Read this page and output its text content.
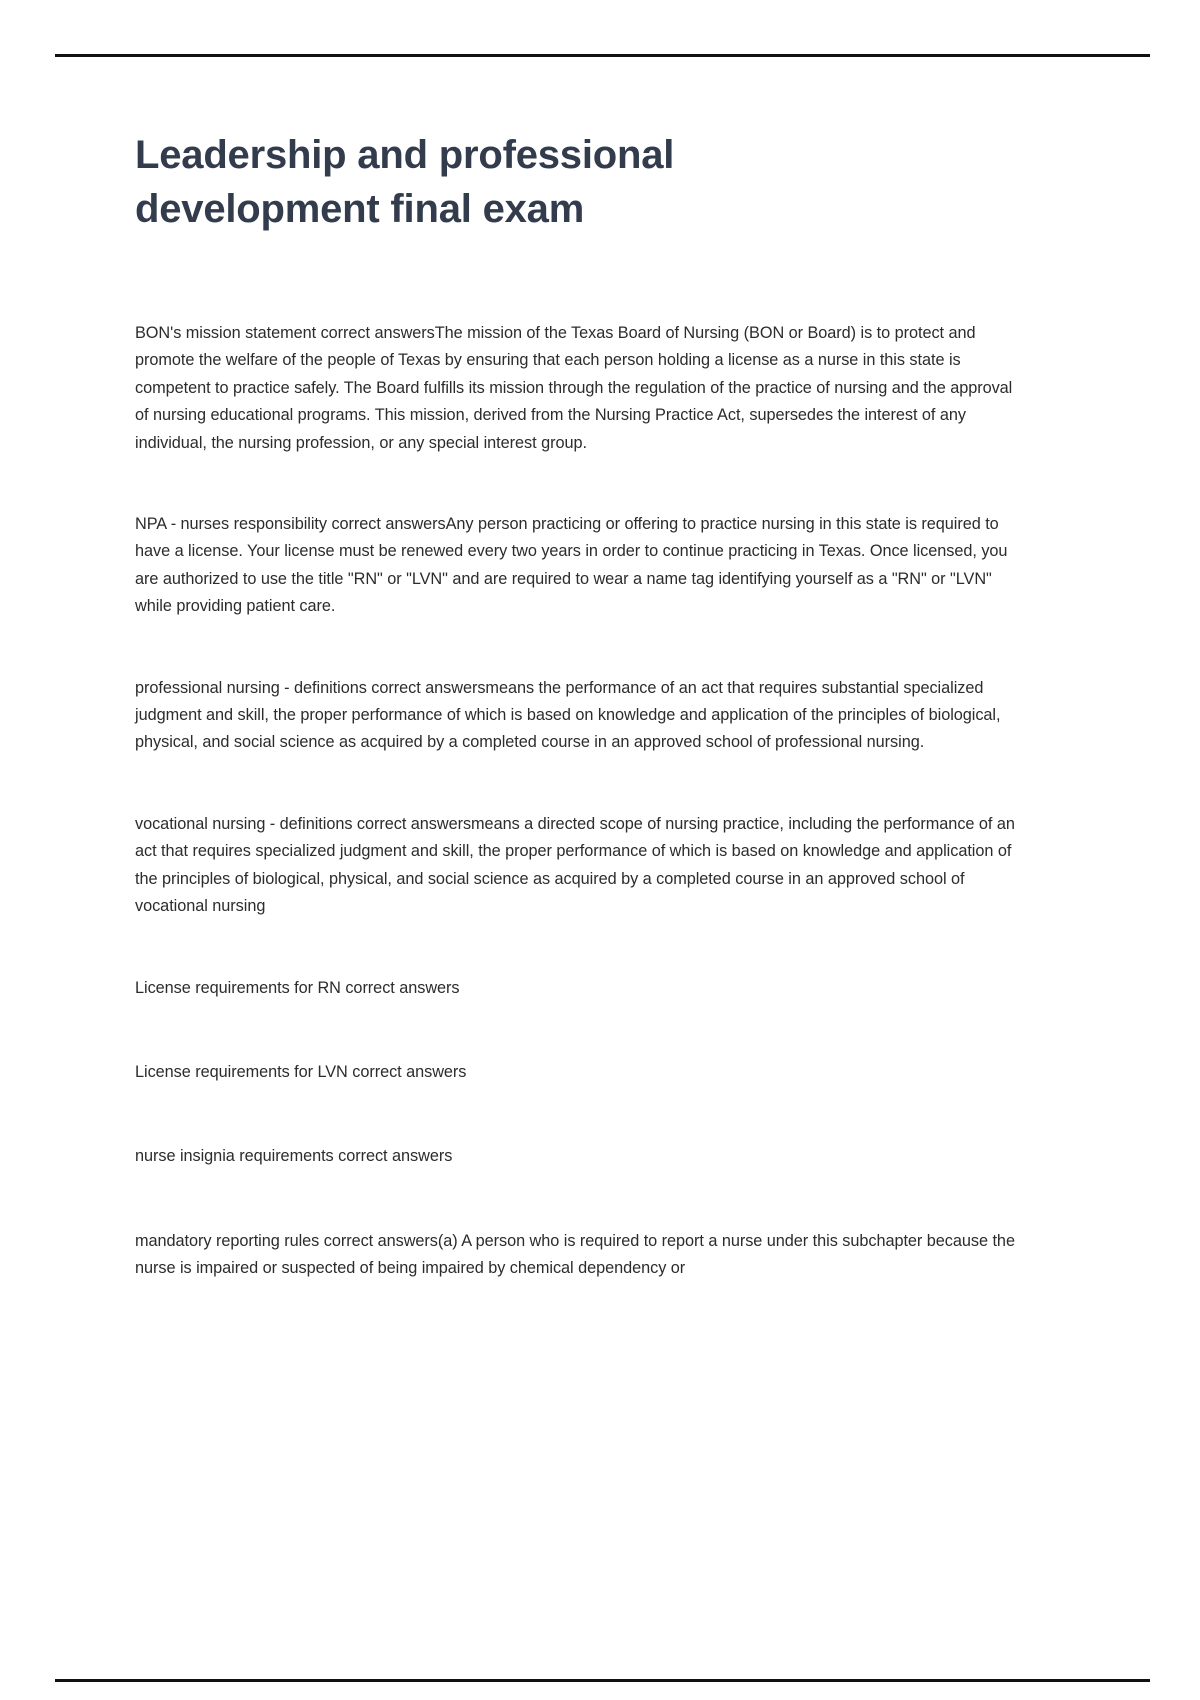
Leadership and professional development final exam

BON's mission statement correct answersThe mission of the Texas Board of Nursing (BON or Board) is to protect and promote the welfare of the people of Texas by ensuring that each person holding a license as a nurse in this state is competent to practice safely. The Board fulfills its mission through the regulation of the practice of nursing and the approval of nursing educational programs. This mission, derived from the Nursing Practice Act, supersedes the interest of any individual, the nursing profession, or any special interest group.

NPA - nurses responsibility correct answersAny person practicing or offering to practice nursing in this state is required to have a license. Your license must be renewed every two years in order to continue practicing in Texas. Once licensed, you are authorized to use the title "RN" or "LVN" and are required to wear a name tag identifying yourself as a "RN" or "LVN" while providing patient care.

professional nursing - definitions correct answersmeans the performance of an act that requires substantial specialized judgment and skill, the proper performance of which is based on knowledge and application of the principles of biological, physical, and social science as acquired by a completed course in an approved school of professional nursing.

vocational nursing - definitions correct answersmeans a directed scope of nursing practice, including the performance of an act that requires specialized judgment and skill, the proper performance of which is based on knowledge and application of the principles of biological, physical, and social science as acquired by a completed course in an approved school of vocational nursing

License requirements for RN correct answers

License requirements for LVN correct answers

nurse insignia requirements correct answers

mandatory reporting rules correct answers(a) A person who is required to report a nurse under this subchapter because the nurse is impaired or suspected of being impaired by chemical dependency or
